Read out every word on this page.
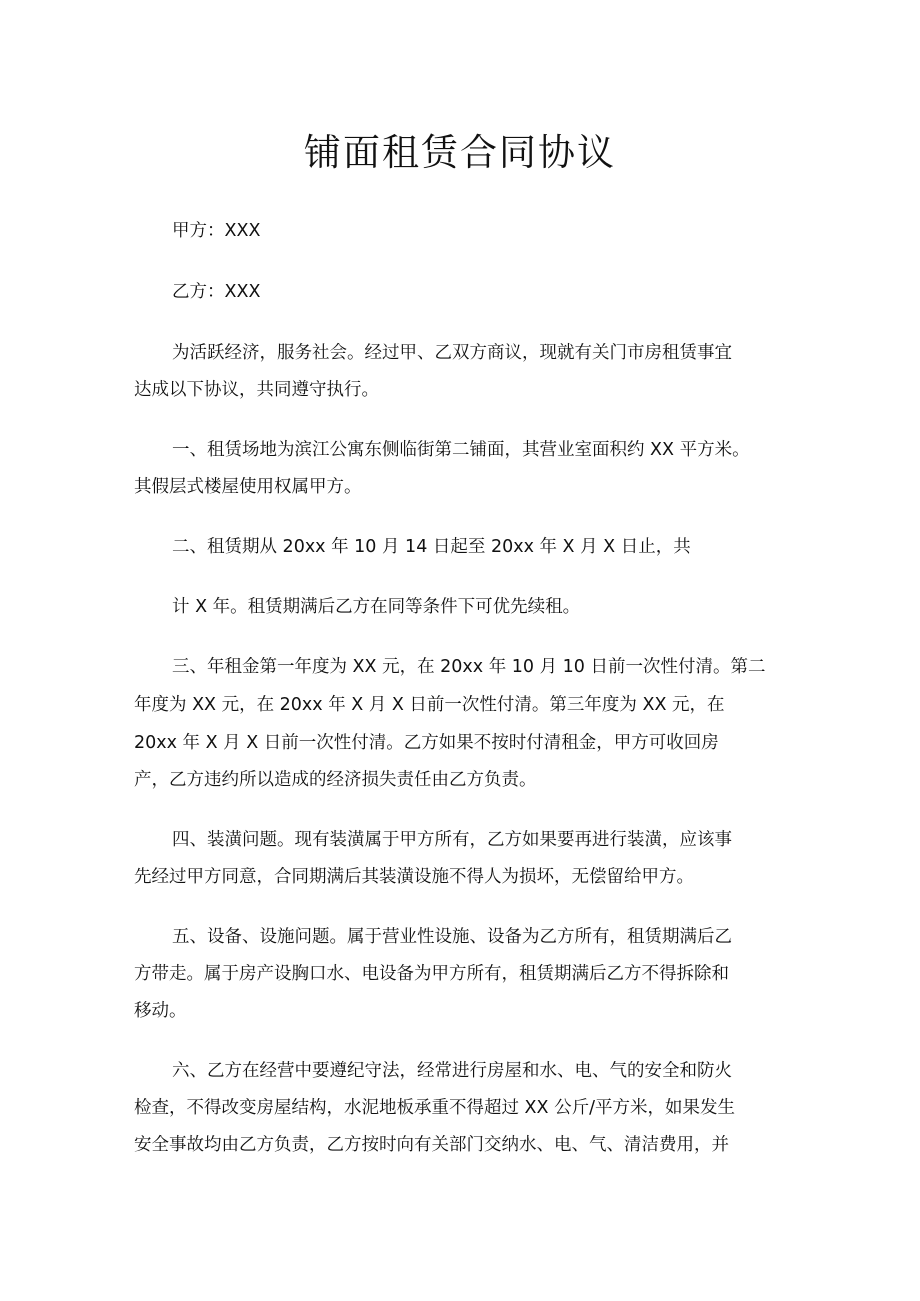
铺面租赁合同协议

甲方：XXX

乙方：XXX

为活跃经济，服务社会。经过甲、乙双方商议，现就有关门市房租赁事宜

达成以下协议，共同遵守执行。

一、租赁场地为滨江公寓东侧临街第二铺面，其营业室面积约 XX 平方米。

其假层式楼屋使用权属甲方。

二、租赁期从 20xx 年 10 月 14 日起至 20xx 年 X 月 X 日止，共

计 X 年。租赁期满后乙方在同等条件下可优先续租。

三、年租金第一年度为 XX 元，在 20xx 年 10 月 10 日前一次性付清。第二

年度为 XX 元，在 20xx 年 X 月 X 日前一次性付清。第三年度为 XX 元，在

20xx 年 X 月 X 日前一次性付清。乙方如果不按时付清租金，甲方可收回房

产，乙方违约所以造成的经济损失责任由乙方负责。

四、装潢问题。现有装潢属于甲方所有，乙方如果要再进行装潢，应该事

先经过甲方同意，合同期满后其装潢设施不得人为损坏，无偿留给甲方。

五、设备、设施问题。属于营业性设施、设备为乙方所有，租赁期满后乙

方带走。属于房产设胸口水、电设备为甲方所有，租赁期满后乙方不得拆除和

移动。

六、乙方在经营中要遵纪守法，经常进行房屋和水、电、气的安全和防火

检查，不得改变房屋结构，水泥地板承重不得超过 XX 公斤/平方米，如果发生

安全事故均由乙方负责，乙方按时向有关部门交纳水、电、气、清洁费用，并
